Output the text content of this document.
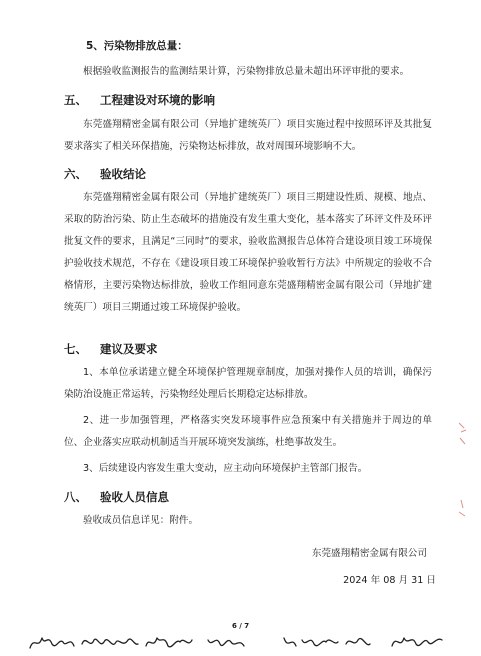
5、污染物排放总量：
根据验收监测报告的监测结果计算，污染物排放总量未超出环评审批的要求。
五、 工程建设对环境的影响
东莞盛翔精密金属有限公司（异地扩建统英厂）项目实施过程中按照环评及其批复要求落实了相关环保措施，污染物达标排放，故对周围环境影响不大。
六、 验收结论
东莞盛翔精密金属有限公司（异地扩建统英厂）项目三期建设性质、规模、地点、采取的防治污染、防止生态破坏的措施没有发生重大变化，基本落实了环评文件及环评批复文件的要求，且满足“三同时”的要求，验收监测报告总体符合建设项目竣工环境保护验收技术规范，不存在《建设项目竣工环境保护验收暂行方法》中所规定的验收不合格情形，主要污染物达标排放，验收工作组同意东莞盛翔精密金属有限公司（异地扩建统英厂）项目三期通过竣工环境保护验收。
七、 建议及要求
1、本单位承诺建立健全环境保护管理规章制度，加强对操作人员的培训，确保污染防治设施正常运转，污染物经处理后长期稳定达标排放。
2、进一步加强管理，严格落实突发环境事件应急预案中有关措施并于周边的单位、企业落实应联动机制适当开展环境突发演练，杜绝事故发生。
3、后续建设内容发生重大变动，应主动向环境保护主管部门报告。
八、 验收人员信息
验收成员信息详见：附件。
东莞盛翔精密金属有限公司
2024 年 08 月 31 日
6 / 7
